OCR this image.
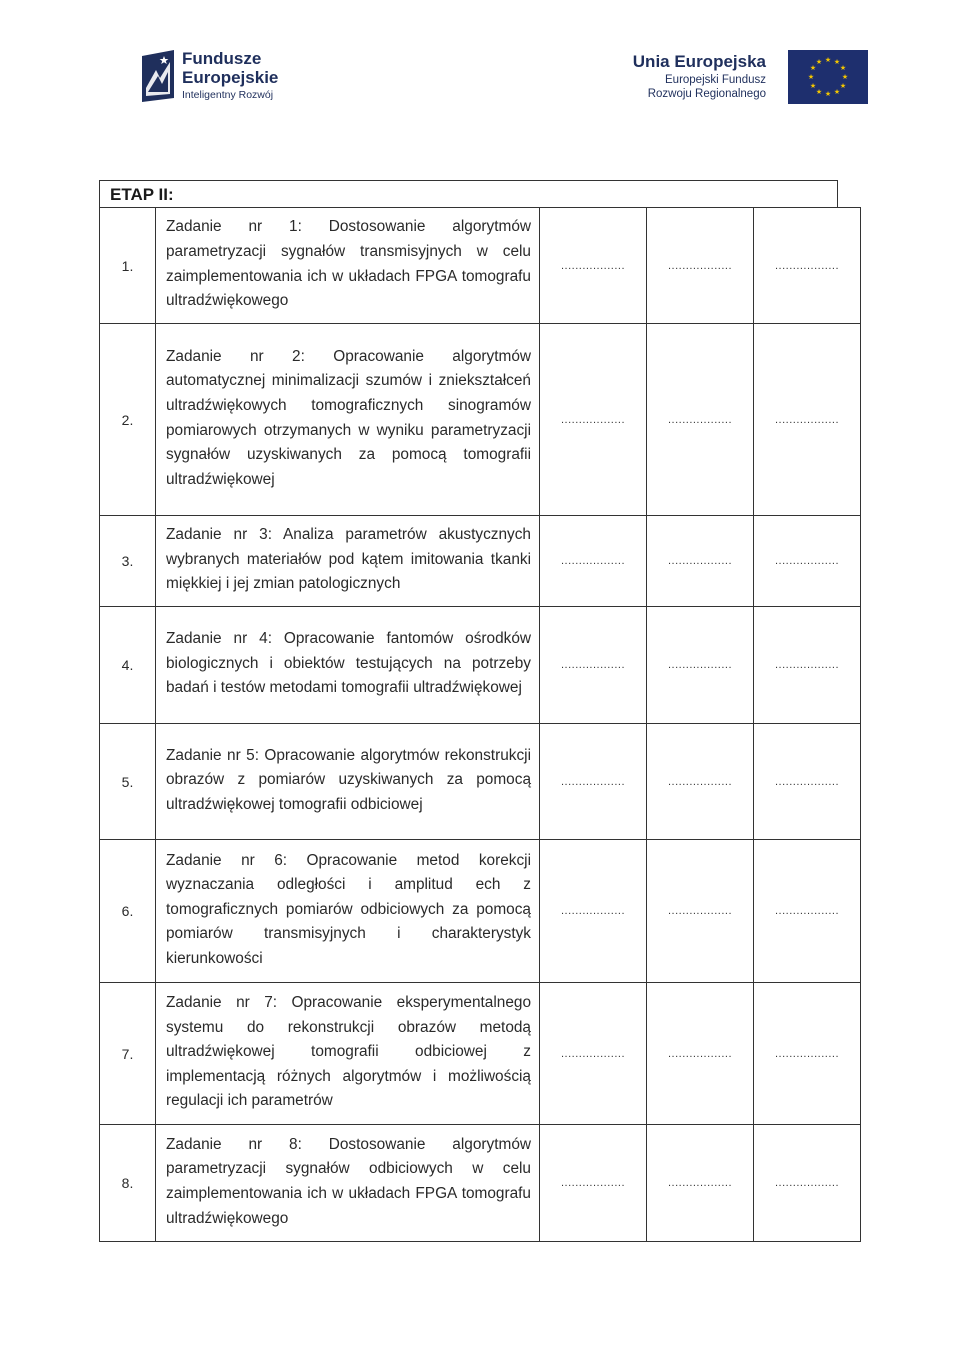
Fundusze
Europejskie
Inteligentny Rozwój
Unia Europejska
Europejski Fundusz
Rozwoju Regionalnego
★ ★
★
★
★
★
★
★
★
★
★
★
ETAP II:
1.	Zadanie nr 1: Dostosowanie algorytmów parametryzacji sygnałów transmisyjnych w celu zaimplementowania ich w układach FPGA tomografu ultradźwiękowego	..................	..................	..................
2.	Zadanie nr 2: Opracowanie algorytmów automatycznej minimalizacji szumów i zniekształceń ultradźwiękowych tomograficznych sinogramów pomiarowych otrzymanych w wyniku parametryzacji sygnałów uzyskiwanych za pomocą tomografii ultradźwiękowej	..................	..................	..................
3.	Zadanie nr 3: Analiza parametrów akustycznych wybranych materiałów pod kątem imitowania tkanki miękkiej i jej zmian patologicznych	..................	..................	..................
4.	Zadanie nr 4: Opracowanie fantomów ośrodków biologicznych i obiektów testujących na potrzeby badań i testów metodami tomografii ultradźwiękowej	..................	..................	..................
5.	Zadanie nr 5: Opracowanie algorytmów rekonstrukcji obrazów z pomiarów uzyskiwanych za pomocą ultradźwiękowej tomografii odbiciowej	..................	..................	..................
6.	Zadanie nr 6: Opracowanie metod korekcji wyznaczania odległości i amplitud ech z tomograficznych pomiarów odbiciowych za pomocą pomiarów transmisyjnych i charakterystyk kierunkowości	..................	..................	..................
7.	Zadanie nr 7: Opracowanie eksperymentalnego systemu do rekonstrukcji obrazów metodą ultradźwiękowej tomografii odbiciowej z implementacją różnych algorytmów i możliwością regulacji ich parametrów	..................	..................	..................
8.	Zadanie nr 8: Dostosowanie algorytmów parametryzacji sygnałów odbiciowych w celu zaimplementowania ich w układach FPGA tomografu ultradźwiękowego	..................	..................	..................
